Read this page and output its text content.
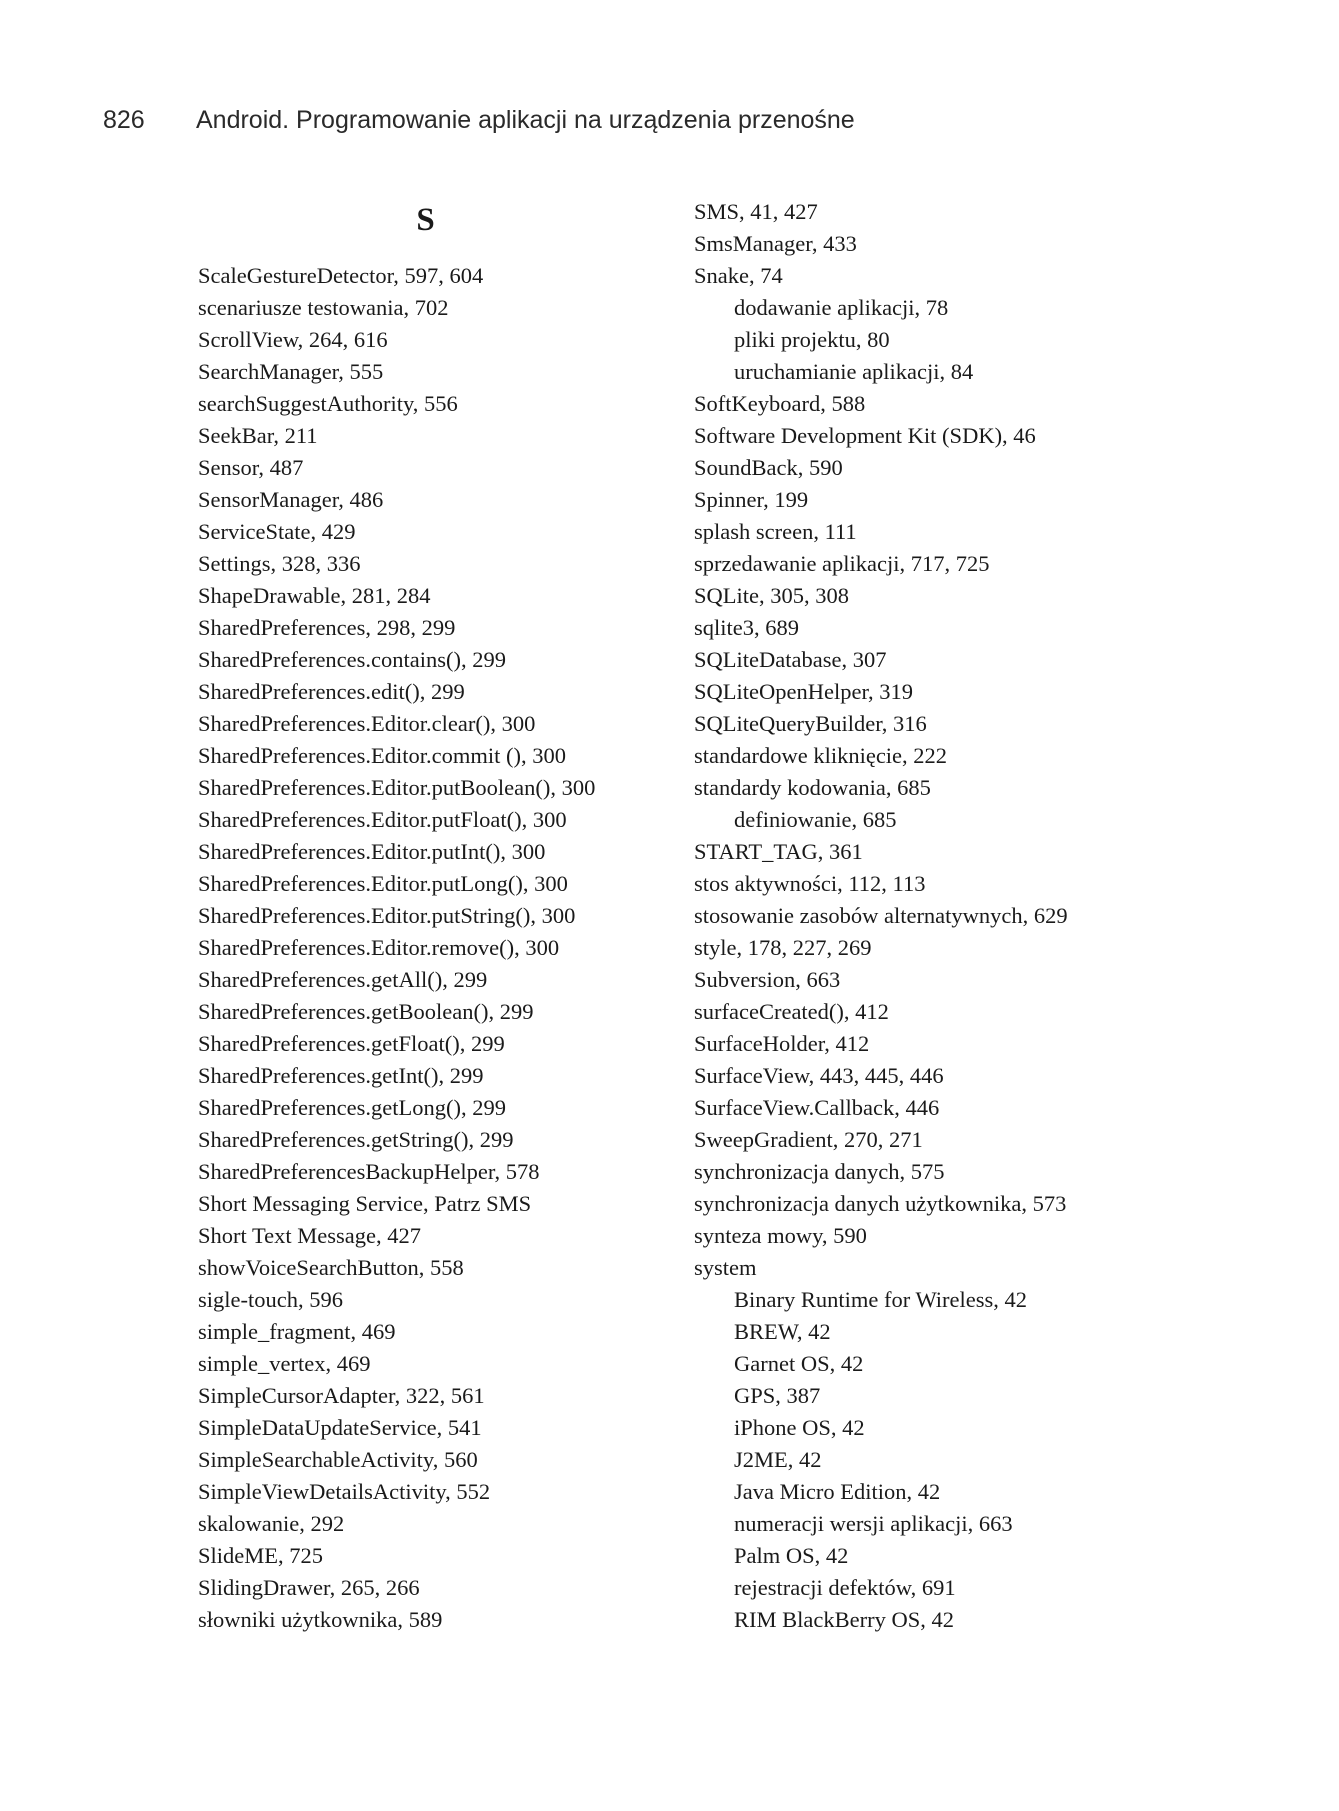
826 Android. Programowanie aplikacji na urządzenia przenośne
S
ScaleGestureDetector, 597, 604
scenariusze testowania, 702
ScrollView, 264, 616
SearchManager, 555
searchSuggestAuthority, 556
SeekBar, 211
Sensor, 487
SensorManager, 486
ServiceState, 429
Settings, 328, 336
ShapeDrawable, 281, 284
SharedPreferences, 298, 299
SharedPreferences.contains(), 299
SharedPreferences.edit(), 299
SharedPreferences.Editor.clear(), 300
SharedPreferences.Editor.commit (), 300
SharedPreferences.Editor.putBoolean(), 300
SharedPreferences.Editor.putFloat(), 300
SharedPreferences.Editor.putInt(), 300
SharedPreferences.Editor.putLong(), 300
SharedPreferences.Editor.putString(), 300
SharedPreferences.Editor.remove(), 300
SharedPreferences.getAll(), 299
SharedPreferences.getBoolean(), 299
SharedPreferences.getFloat(), 299
SharedPreferences.getInt(), 299
SharedPreferences.getLong(), 299
SharedPreferences.getString(), 299
SharedPreferencesBackupHelper, 578
Short Messaging Service, Patrz SMS
Short Text Message, 427
showVoiceSearchButton, 558
sigle-touch, 596
simple_fragment, 469
simple_vertex, 469
SimpleCursorAdapter, 322, 561
SimpleDataUpdateService, 541
SimpleSearchableActivity, 560
SimpleViewDetailsActivity, 552
skalowanie, 292
SlideME, 725
SlidingDrawer, 265, 266
słowniki użytkownika, 589
SMS, 41, 427
SmsManager, 433
Snake, 74
dodawanie aplikacji, 78
pliki projektu, 80
uruchamianie aplikacji, 84
SoftKeyboard, 588
Software Development Kit (SDK), 46
SoundBack, 590
Spinner, 199
splash screen, 111
sprzedawanie aplikacji, 717, 725
SQLite, 305, 308
sqlite3, 689
SQLiteDatabase, 307
SQLiteOpenHelper, 319
SQLiteQueryBuilder, 316
standardowe kliknięcie, 222
standardy kodowania, 685
definiowanie, 685
START_TAG, 361
stos aktywności, 112, 113
stosowanie zasobów alternatywnych, 629
style, 178, 227, 269
Subversion, 663
surfaceCreated(), 412
SurfaceHolder, 412
SurfaceView, 443, 445, 446
SurfaceView.Callback, 446
SweepGradient, 270, 271
synchronizacja danych, 575
synchronizacja danych użytkownika, 573
synteza mowy, 590
system
Binary Runtime for Wireless, 42
BREW, 42
Garnet OS, 42
GPS, 387
iPhone OS, 42
J2ME, 42
Java Micro Edition, 42
numeracji wersji aplikacji, 663
Palm OS, 42
rejestracji defektów, 691
RIM BlackBerry OS, 42
